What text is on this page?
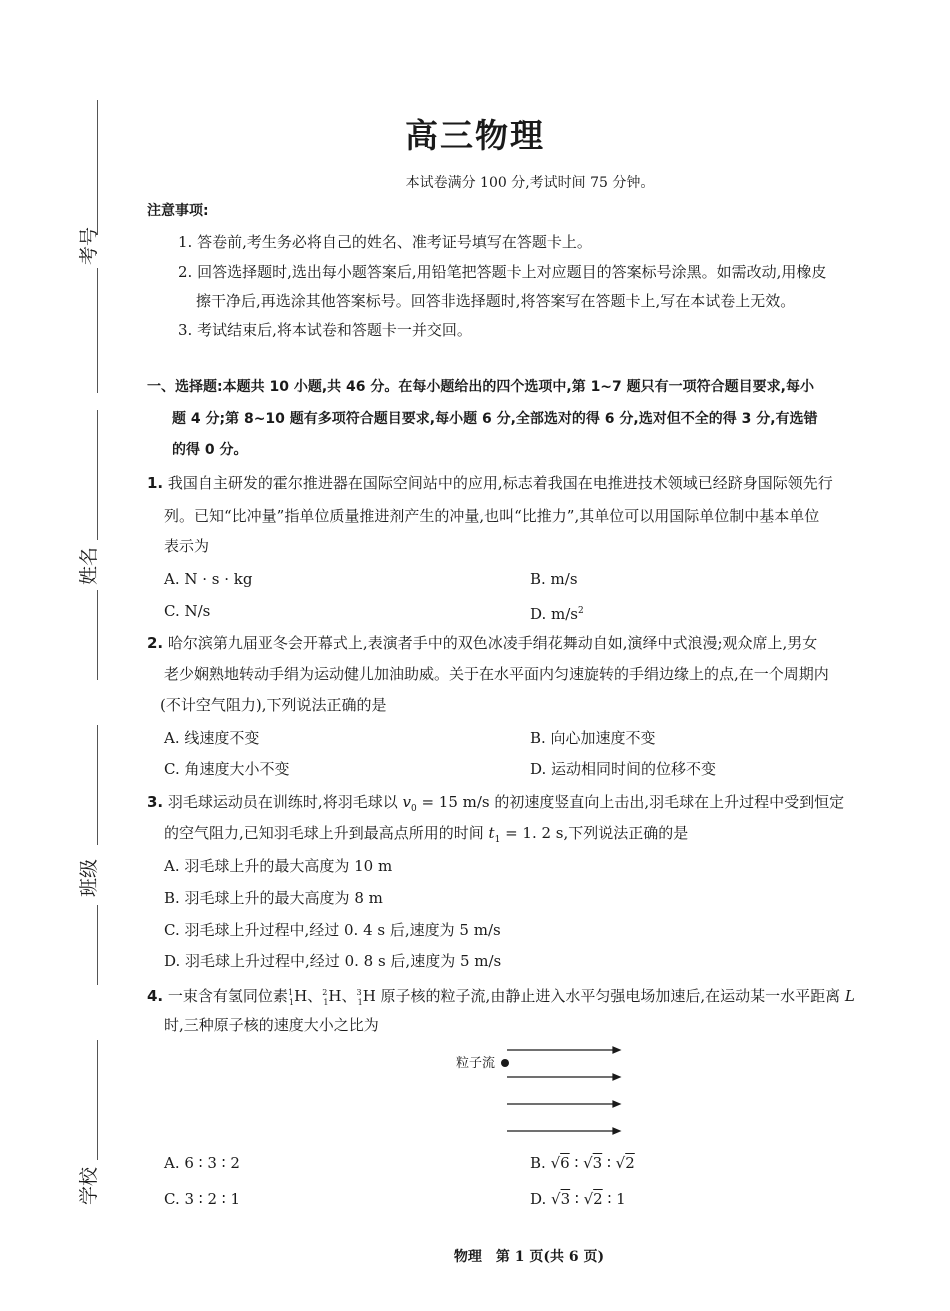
考号
姓名
班级
学校
高三物理
本试卷满分 100 分,考试时间 75 分钟。
注意事项:
1. 答卷前,考生务必将自己的姓名、准考证号填写在答题卡上。
2. 回答选择题时,选出每小题答案后,用铅笔把答题卡上对应题目的答案标号涂黑。如需改动,用橡皮
擦干净后,再选涂其他答案标号。回答非选择题时,将答案写在答题卡上,写在本试卷上无效。
3. 考试结束后,将本试卷和答题卡一并交回。
一、选择题:本题共 10 小题,共 46 分。在每小题给出的四个选项中,第 1~7 题只有一项符合题目要求,每小
题 4 分;第 8~10 题有多项符合题目要求,每小题 6 分,全部选对的得 6 分,选对但不全的得 3 分,有选错
的得 0 分。
1. 我国自主研发的霍尔推进器在国际空间站中的应用,标志着我国在电推进技术领域已经跻身国际领先行
列。已知“比冲量”指单位质量推进剂产生的冲量,也叫“比推力”,其单位可以用国际单位制中基本单位
表示为
A. N · s · kg	B. m/s
C. N/s	D. $m/s^2$
2. 哈尔滨第九届亚冬会开幕式上,表演者手中的双色冰凌手绢花舞动自如,演绎中式浪漫;观众席上,男女
老少娴熟地转动手绢为运动健儿加油助威。关于在水平面内匀速旋转的手绢边缘上的点,在一个周期内
(不计空气阻力),下列说法正确的是
A. 线速度不变	B. 向心加速度不变
C. 角速度大小不变	D. 运动相同时间的位移不变
3. 羽毛球运动员在训练时,将羽毛球以 $v_0 = 15$ m/s 的初速度竖直向上击出,羽毛球在上升过程中受到恒定
的空气阻力,已知羽毛球上升到最高点所用的时间 $t_1 = 1$. 2 s,下列说法正确的是
A. 羽毛球上升的最大高度为 10 m
B. 羽毛球上升的最大高度为 8 m
C. 羽毛球上升过程中,经过 0. 4 s 后,速度为 5 m/s
D. 羽毛球上升过程中,经过 0. 8 s 后,速度为 5 m/s
4. 一束含有氢同位素$^1_1$H、$^2_1$H、$^3_1$H 原子核的粒子流,由静止进入水平匀强电场加速后,在运动某一水平距离 L
时,三种原子核的速度大小之比为
粒子流
A. 6 ∶ 3 ∶ 2	B. √6 ∶ √3 ∶ √2
C. 3 ∶ 2 ∶ 1	D. √3 ∶ √2 ∶ 1
物理　第 1 页(共 6 页)
